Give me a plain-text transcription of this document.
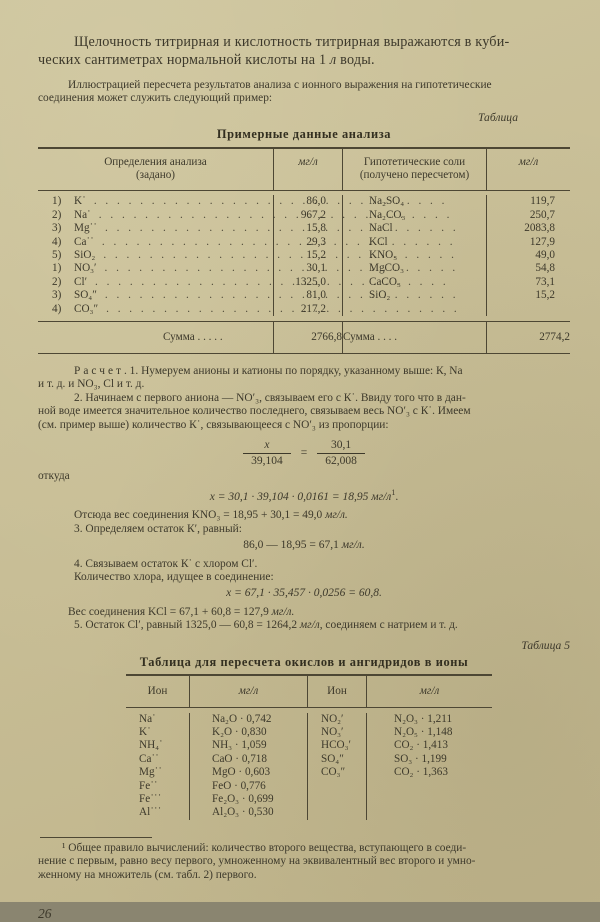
Щелочность титрирная и кислотность титрирная выражаются в куби-
ческих сантиметрах нормальной кислоты на 1 л воды.
Иллюстрацией пересчета результатов анализа с ионного выражения на гипотетические
соединения может служить следующий пример:
Таблица
Примерные данные анализа
Определения анализа
(задано)
мг/л	Гипотетические соли
(получено пересчетом)
мг/л
1)	K˙ . . .	86,0	Na₂SO₄	119,7
2)	Na˙ . . .	967,2	Na₂CO₃	250,7
3)	Mg˙˙ . . .	15,8	NaCl	2083,8
4)	Ca˙˙ . . .	29,3	KCl	127,9
5)	SiO₂ . . .	15,2	KNO₃	49,0
1)	NO₃′ . . .	30,1	MgCO₃	54,8
2)	Cl′ . . .	1325,0	CaCO₃	73,1
3)	SO₄″ . . .	81,0	SiO₂	15,2
4)	CO₃″ . . .	217,2
Сумма . . . . .	2766,8 Сумма . . . .	2774,2
Расчет. 1. Нумеруем анионы и катионы по порядку, указанному выше: К, Na
и т. д. и NO₃, Cl и т. д.
2. Начинаем с первого аниона — NO′₃, связываем его с К˙. Ввиду того что в дан-
ной воде имеется значительное количество последнего, связываем весь NO′₃ с К˙. Имеем
(см. пример выше) количество К˙, связывающееся с NO′₃ из пропорции:
$\frac{x}{39,104} = \frac{30,1}{62,008}$
откуда
x = 30,1 · 39,104 · 0,0161 = 18,95 мг/л$^1$.
Отсюда вес соединения KNO₃ = 18,95 + 30,1 = 49,0 мг/л.
3. Определяем остаток К′, равный:
86,0 — 18,95 = 67,1 мг/л.
4. Связываем остаток К˙ с хлором Cl′.
Количество хлора, идущее в соединение:
x = 67,1 · 35,457 · 0,0256 = 60,8.
Вес соединения KCl = 67,1 + 60,8 = 127,9 мг/л.
5. Остаток Cl′, равный 1325,0 — 60,8 = 1264,2 мг/л, соединяем с натрием и т. д.
Таблица 5
Таблица для пересчета окислов и ангидридов в ионы
Ион	мг/л	Ион	мг/л
Na˙	Na₂O · 0,742	NO₂′	N₂O₃ · 1,211
K˙	K₂O · 0,830	NO₃′	N₂O₅ · 1,148
NH₄˙	NH₃ · 1,059	HCO₃′	CO₂ · 1,413
Ca˙˙	CaO · 0,718	SO₄″	SO₃ · 1,199
Mg˙˙	MgO · 0,603	CO₃″	CO₂ · 1,363
Fe˙˙	FeO · 0,776
Fe˙˙˙	Fe₂O₃ · 0,699
Al˙˙˙	Al₂O₃ · 0,530
¹ Общее правило вычислений: количество второго вещества, вступающего в соеди-
нение с первым, равно весу первого, умноженному на эквивалентный вес второго и умно-
женному на множитель (см. табл. 2) первого.
26
